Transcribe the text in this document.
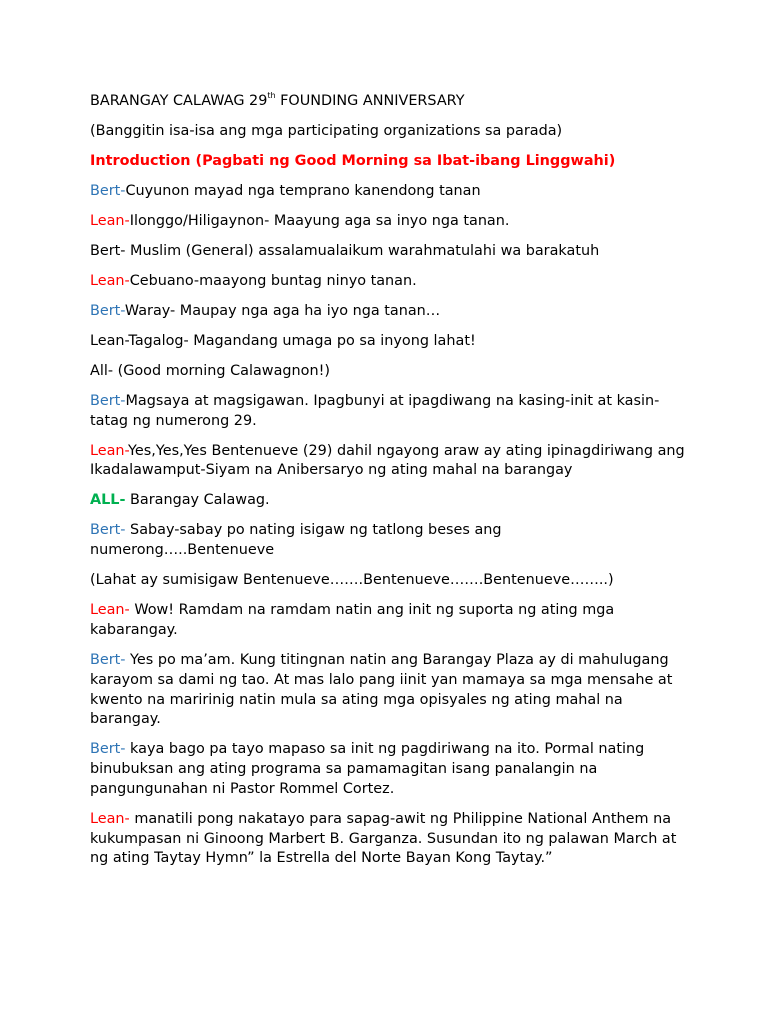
BARANGAY CALAWAG 29th FOUNDING ANNIVERSARY

(Banggitin isa-isa ang mga participating organizations sa parada)

Introduction (Pagbati ng Good Morning sa Ibat-ibang Linggwahi)

Bert-Cuyunon mayad nga temprano kanendong tanan

Lean-Ilonggo/Hiligaynon- Maayung aga sa inyo nga tanan.

Bert- Muslim (General) assalamualaikum warahmatulahi wa barakatuh

Lean-Cebuano-maayong buntag ninyo tanan.

Bert-Waray- Maupay nga aga ha iyo nga tanan…

Lean-Tagalog- Magandang umaga po sa inyong lahat!

All- (Good morning Calawagnon!)

Bert-Magsaya at magsigawan. Ipagbunyi at ipagdiwang na kasing-init at kasin-tatag ng numerong 29.

Lean-Yes,Yes,Yes Bentenueve (29) dahil ngayong araw ay ating ipinagdiriwang ang Ikadalawamput-Siyam na Anibersaryo ng ating mahal na barangay

ALL- Barangay Calawag.

Bert- Sabay-sabay po nating isigaw ng tatlong beses ang numerong…..Bentenueve

(Lahat ay sumisigaw Bentenueve…….Bentenueve…….Bentenueve……..)

Lean- Wow! Ramdam na ramdam natin ang init ng suporta ng ating mga kabarangay.

Bert- Yes po ma’am. Kung titingnan natin ang Barangay Plaza ay di mahulugang karayom sa dami ng tao. At mas lalo pang iinit yan mamaya sa mga mensahe at kwento na maririnig natin mula sa ating mga opisyales ng ating mahal na barangay.

Bert- kaya bago pa tayo mapaso sa init ng pagdiriwang na ito. Pormal nating binubuksan ang ating programa sa pamamagitan isang panalangin na pangungunahan ni Pastor Rommel Cortez.

Lean- manatili pong nakatayo para sapag-awit ng Philippine National Anthem na kukumpasan ni Ginoong Marbert B. Garganza. Susundan ito ng palawan March at ng ating Taytay Hymn” la Estrella del Norte Bayan Kong Taytay.”
